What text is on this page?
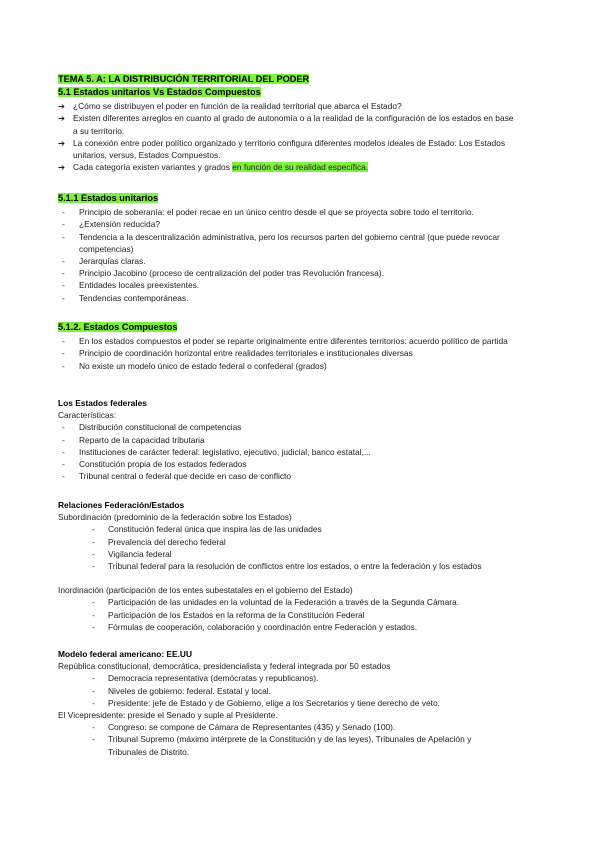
TEMA 5. A: LA DISTRIBUCIÓN TERRITORIAL DEL PODER
5.1 Estados unitarios Vs Estados Compuestos
➔ ¿Cómo se distribuyen el poder en función de la realidad territorial que abarca el Estado?
➔ Existen diferentes arreglos en cuanto al grado de autonomía o a la realidad de la configuración de los estados en base a su territorio.
➔ La conexión entre poder político organizado y territorio configura diferentes modelos ideales de Estado: Los Estados unitarios, versus, Estados Compuestos.
➔ Cada categoría existen variantes y grados en función de su realidad específica.
5.1.1 Estados unitarios
- Principio de soberanía: el poder recae en un único centro desde el que se proyecta sobre todo el territorio.
- ¿Extensión reducida?
- Tendencia a la descentralización administrativa, pero los recursos parten del gobierno central (que puede revocar competencias)
- Jerarquías claras.
- Principio Jacobino (proceso de centralización del poder tras Revolución francesa).
- Entidades locales preexistentes.
- Tendencias contemporáneas.
5.1.2. Estados Compuestos
- En los estados compuestos el poder se reparte originalmente entre diferentes territorios: acuerdo político de partida
- Principio de coordinación horizontal entre realidades territoriales e institucionales diversas
- No existe un modelo único de estado federal o confederal (grados)
Los Estados federales
Características:
- Distribución constitucional de competencias
- Reparto de la capacidad tributaria
- Instituciones de carácter federal: legislativo, ejecutivo, judicial, banco estatal,...
- Constitución propia de los estados federados
- Tribunal central o federal que decide en caso de conflicto
Relaciones Federación/Estados
Subordinación (predominio de la federación sobre los Estados)
- Constitución federal única que inspira las de las unidades
- Prevalencia del derecho federal
- Vigilancia federal
- Tribunal federal para la resolución de conflictos entre los estados, o entre la federación y los estados
Inordinación (participación de los entes subestatales en el gobierno del Estado)
- Participación de las unidades en la voluntad de la Federación a través de la Segunda Cámara.
- Participación de los Estados en la reforma de la Constitución Federal
- Fórmulas de cooperación, colaboración y coordinación entre Federación y estados.
Modelo federal americano: EE.UU
República constitucional, democrática, presidencialista y federal integrada por 50 estados
- Democracia representativa (demócratas y republicanos).
- Niveles de gobierno: federal. Estatal y local.
- Presidente: jefe de Estado y de Gobierno, elige a los Secretarios y tiene derecho de veto.
El Vicepresidente: preside el Senado y suple al Presidente.
- Congreso: se compone de Cámara de Representantes (435) y Senado (100).
- Tribunal Supremo (máximo intérprete de la Constitución y de las leyes), Tribunales de Apelación y Tribunales de Distrito.
